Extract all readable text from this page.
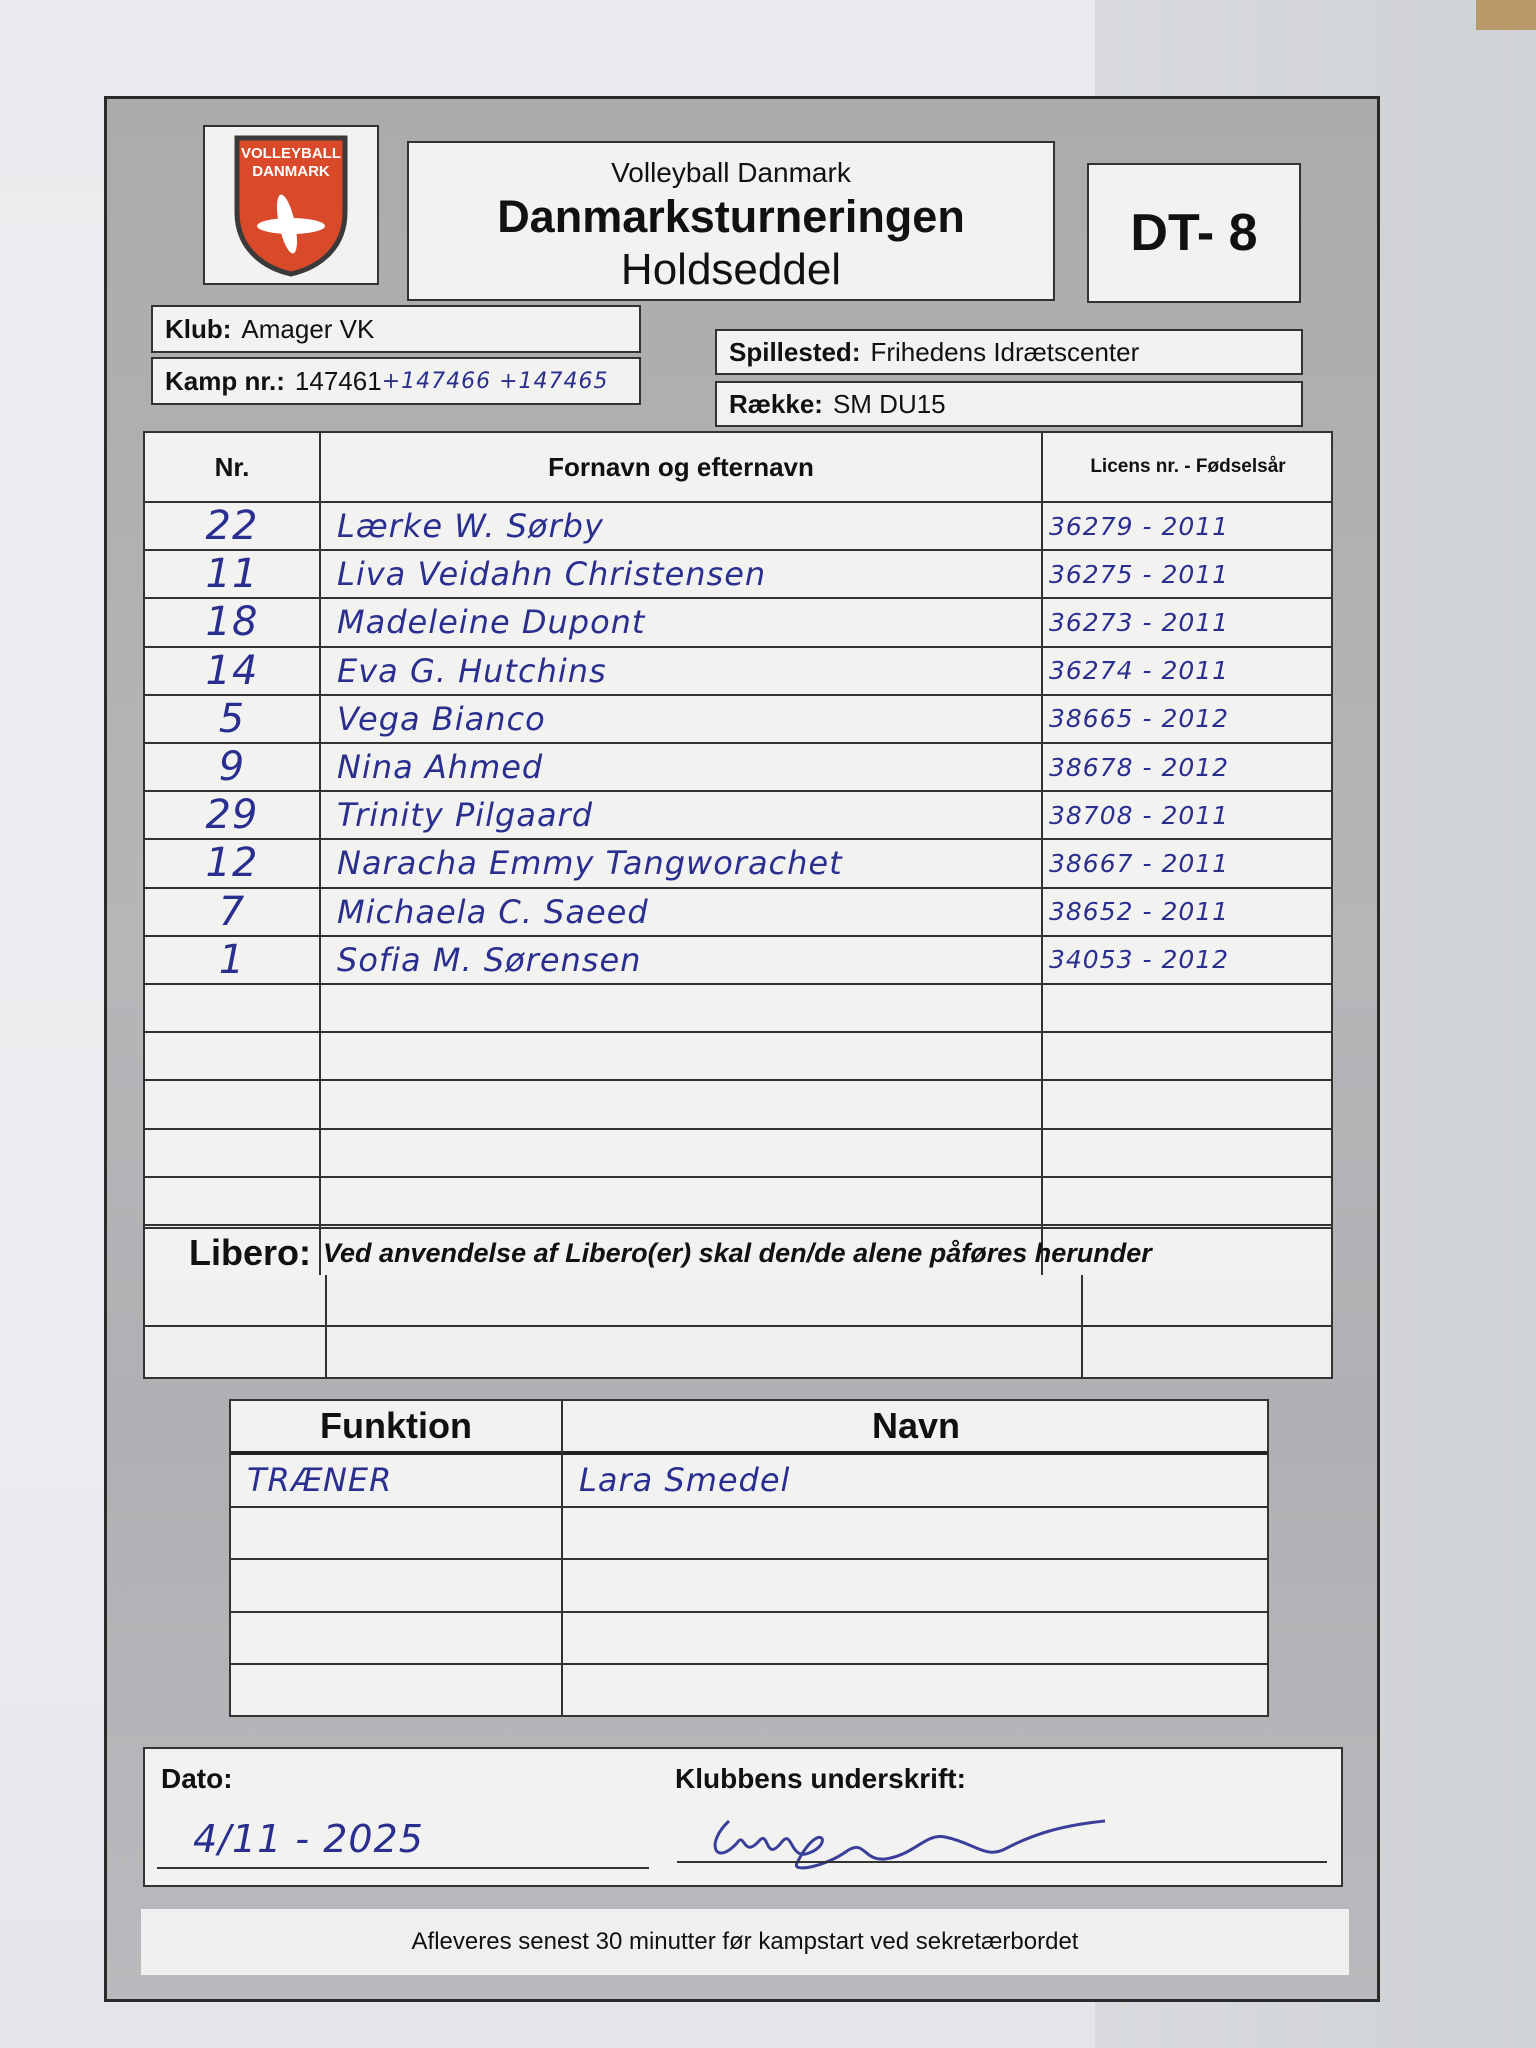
VOLLEYBALL
DANMARK	Volleyball Danmark
Danmarksturneringen
Holdseddel
DT- 8
Klub: Amager VK
Kamp nr.: 147461 +147466 +147465
Spillested: Frihedens Idrætscenter
Række: SM DU15
Nr.	Fornavn og efternavn	Licens nr. - Fødselsår
22	Lærke W. Sørby	36279 - 2011
11	Liva Veidahn Christensen	36275 - 2011
18	Madeleine Dupont	36273 - 2011
14	Eva G. Hutchins	36274 - 2011
5	Vega Bianco	38665 - 2012
9	Nina Ahmed	38678 - 2012
29	Trinity Pilgaard	38708 - 2011
12	Naracha Emmy Tangworachet	38667 - 2011
7	Michaela C. Saeed	38652 - 2011
1	Sofia M. Sørensen	34053 - 2012
Libero: Ved anvendelse af Libero(er) skal den/de alene påføres herunder
Funktion	Navn
TRÆNER	Lara Smedel
Dato:
4/11 - 2025
Klubbens underskrift:
Afleveres senest 30 minutter før kampstart ved sekretærbordet
